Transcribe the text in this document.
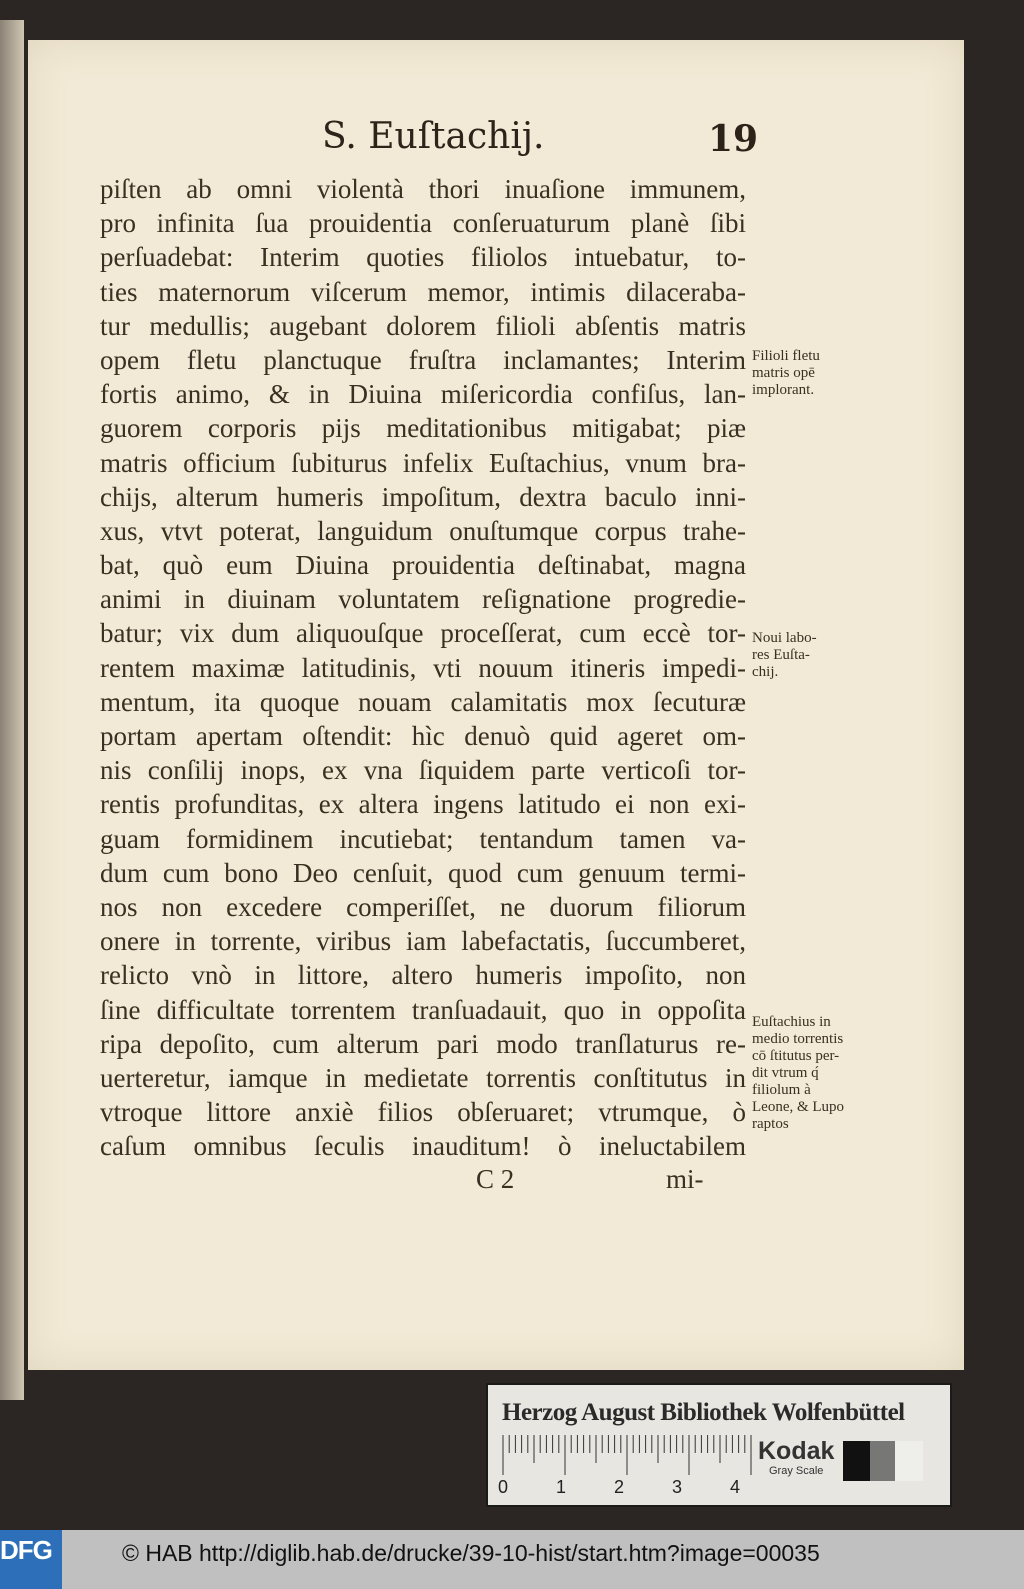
S. Euſtachij.	19
piſten ab omni violentà thori inuaſione immunem,
pro infinita ſua prouidentia conſeruaturum planè ſibi
perſuadebat: Interim quoties filiolos intuebatur, to-
ties maternorum viſcerum memor, intimis dilaceraba-
tur medullis; augebant dolorem filioli abſentis matris
opem fletu planctuque fruſtra inclamantes; Interim
fortis animo, & in Diuina miſericordia confiſus, lan-
guorem corporis pijs meditationibus mitigabat; piæ
matris officium ſubiturus infelix Euſtachius, vnum bra-
chijs, alterum humeris impoſitum, dextra baculo inni-
xus, vtvt poterat, languidum onuſtumque corpus trahe-
bat, quò eum Diuina prouidentia deſtinabat, magna
animi in diuinam voluntatem reſignatione progredie-
batur; vix dum aliquouſque proceſſerat, cum eccè tor-
rentem maximæ latitudinis, vti nouum itineris impedi-
mentum, ita quoque nouam calamitatis mox ſecuturæ
portam apertam oſtendit: hìc denuò quid ageret om-
nis conſilij inops, ex vna ſiquidem parte verticoſi tor-
rentis profunditas, ex altera ingens latitudo ei non exi-
guam formidinem incutiebat; tentandum tamen va-
dum cum bono Deo cenſuit, quod cum genuum termi-
nos non excedere comperiſſet, ne duorum filiorum
onere in torrente, viribus iam labefactatis, ſuccumberet,
relicto vnò in littore, altero humeris impoſito, non
ſine difficultate torrentem tranſuadauit, quo in oppoſita
ripa depoſito, cum alterum pari modo tranſlaturus re-
uerteretur, iamque in medietate torrentis conſtitutus in
vtroque littore anxiè filios obſeruaret; vtrumque, ò
caſum omnibus ſeculis inauditum! ò ineluctabilem
Filioli fletu matris opē implorant.
Noui labo- res Euſta- chij.
Euſtachius in medio torrentis cō ſtitutus per- dit vtrum q́ filiolum à Leone, & Lupo raptos
C 2	mi-
Herzog August Bibliothek Wolfenbüttel
0	1	2	3	4
Kodak
Gray Scale
DFG	© HAB http://diglib.hab.de/drucke/39-10-hist/start.htm?image=00035
